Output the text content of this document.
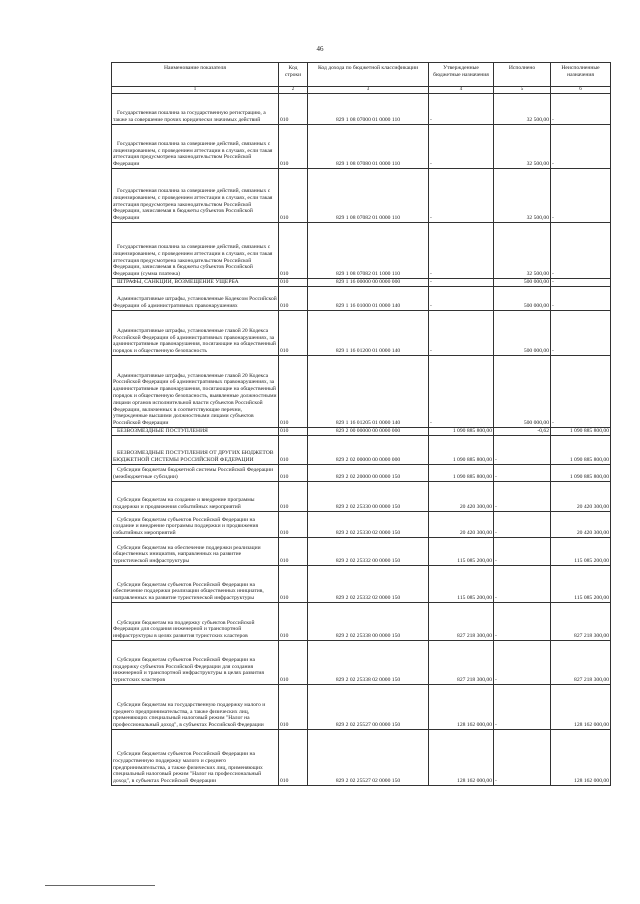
46
Наименование показателя	Код строки	Код дохода по бюджетной классификации	Утвержденные бюджетные назначения	Исполнено	Неисполненные назначения
1	2	3	4	5	6
Государственная пошлина за государственную регистрацию, а также за совершение прочих юридически значимых действий	010	829 1 08 07000 01 0000 110	-	32 500,00	-
Государственная пошлина за совершение действий, связанных с лицензированием, с проведением аттестации в случаях, если такая аттестация предусмотрена законодательством Российской Федерации	010	829 1 08 07080 01 0000 110	-	32 500,00	-
Государственная пошлина за совершение действий, связанных с лицензированием, с проведением аттестации в случаях, если такая аттестация предусмотрена законодательством Российской Федерации, зачисляемая в бюджеты субъектов Российской Федерации	010	829 1 08 07082 01 0000 110	-	32 500,00	-
Государственная пошлина за совершение действий, связанных с лицензированием, с проведением аттестации в случаях, если такая аттестация предусмотрена законодательством Российской Федерации, зачисляемая в бюджеты субъектов Российской Федерации (сумма платежа)	010	829 1 08 07082 01 1000 110	-	32 500,00	-
ШТРАФЫ, САНКЦИИ, ВОЗМЕЩЕНИЕ УЩЕРБА	010	829 1 16 00000 00 0000 000	-	500 000,00	-
Административные штрафы, установленные Кодексом Российской Федерации об административных правонарушениях	010	829 1 16 01000 01 0000 140	-	500 000,00	-
Административные штрафы, установленные главой 20 Кодекса Российской Федерации об административных правонарушениях, за административные правонарушения, посягающие на общественный порядок и общественную безопасность	010	829 1 16 01200 01 0000 140	-	500 000,00	-
Административные штрафы, установленные главой 20 Кодекса Российской Федерации об административных правонарушениях, за административные правонарушения, посягающие на общественный порядок и общественную безопасность, выявленные должностными лицами органов исполнительной власти субъектов Российской Федерации, включенных в соответствующие перечни, утвержденные высшими должностными лицами субъектов Российской Федерации	010	829 1 16 01205 01 0000 140	-	500 000,00	-
БЕЗВОЗМЕЗДНЫЕ ПОСТУПЛЕНИЯ	010	829 2 00 00000 00 0000 000	1 090 885 800,00	-0,62	1 090 885 800,00
БЕЗВОЗМЕЗДНЫЕ ПОСТУПЛЕНИЯ ОТ ДРУГИХ БЮДЖЕТОВ БЮДЖЕТНОЙ СИСТЕМЫ РОССИЙСКОЙ ФЕДЕРАЦИИ	010	829 2 02 00000 00 0000 000	1 090 885 800,00	-	1 090 885 800,00
Субсидии бюджетам бюджетной системы Российской Федерации (межбюджетные субсидии)	010	829 2 02 20000 00 0000 150	1 090 885 800,00	-	1 090 885 800,00
Субсидии бюджетам на создание и внедрение программы поддержки и продвижения событийных мероприятий	010	829 2 02 25330 00 0000 150	20 420 300,00	-	20 420 300,00
Субсидии бюджетам субъектов Российской Федерации на создание и внедрение программы поддержки и продвижения событийных мероприятий	010	829 2 02 25330 02 0000 150	20 420 300,00	-	20 420 300,00
Субсидии бюджетам на обеспечение поддержки реализации общественных инициатив, направленных на развитие туристической инфраструктуры	010	829 2 02 25332 00 0000 150	115 085 200,00	-	115 085 200,00
Субсидии бюджетам субъектов Российской Федерации на обеспечение поддержки реализации общественных инициатив, направленных на развитие туристической инфраструктуры	010	829 2 02 25332 02 0000 150	115 085 200,00	-	115 085 200,00
Субсидии бюджетам на поддержку субъектов Российской Федерации для создания инженерной и транспортной инфраструктуры в целях развития туристских кластеров	010	829 2 02 25338 00 0000 150	827 218 300,00	-	827 218 300,00
Субсидии бюджетам субъектов Российской Федерации на поддержку субъектов Российской Федерации для создания инженерной и транспортной инфраструктуры в целях развития туристских кластеров	010	829 2 02 25338 02 0000 150	827 218 300,00	-	827 218 300,00
Субсидии бюджетам на государственную поддержку малого и среднего предпринимательства, а также физических лиц, применяющих специальный налоговый режим "Налог на профессиональный доход", в субъектах Российской Федерации	010	829 2 02 25527 00 0000 150	128 162 000,00	-	128 162 000,00
Субсидии бюджетам субъектов Российской Федерации на государственную поддержку малого и среднего предпринимательства, а также физических лиц, применяющих специальный налоговый режим "Налог на профессиональный доход", в субъектах Российской Федерации	010	829 2 02 25527 02 0000 150	128 162 000,00	-	128 162 000,00
